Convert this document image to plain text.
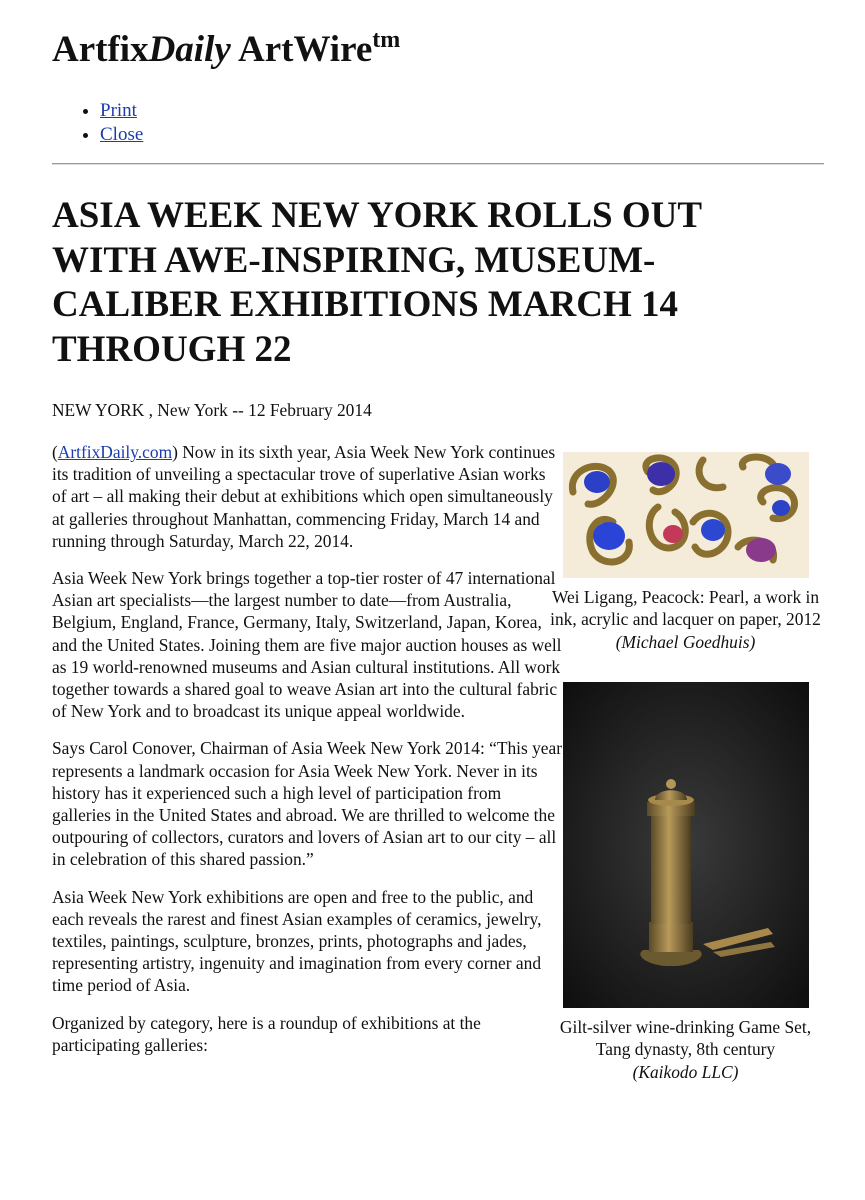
ArtfixDaily ArtWire$^{tm}$
• Print
• Close
ASIA WEEK NEW YORK ROLLS OUT WITH AWE-INSPIRING, MUSEUM-CALIBER EXHIBITIONS MARCH 14 THROUGH 22

NEW YORK , New York -- 12 February 2014

(ArtfixDaily.com) Now in its sixth year, Asia Week New York continues its tradition of unveiling a spectacular trove of superlative Asian works of art – all making their debut at exhibitions which open simultaneously at galleries throughout Manhattan, commencing Friday, March 14 and running through Saturday, March 22, 2014.

Asia Week New York brings together a top-tier roster of 47 international Asian art specialists—the largest number to date—from Australia, Belgium, England, France, Germany, Italy, Switzerland, Japan, Korea, and the United States. Joining them are five major auction houses as well as 19 world-renowned museums and Asian cultural institutions. All work together towards a shared goal to weave Asian art into the cultural fabric of New York and to broadcast its unique appeal worldwide.

Says Carol Conover, Chairman of Asia Week New York 2014: “This year represents a landmark occasion for Asia Week New York. Never in its history has it experienced such a high level of participation from galleries in the United States and abroad. We are thrilled to welcome the outpouring of collectors, curators and lovers of Asian art to our city – all in celebration of this shared passion.”

Asia Week New York exhibitions are open and free to the public, and each reveals the rarest and finest Asian examples of ceramics, jewelry, textiles, paintings, sculpture, bronzes, prints, photographs and jades, representing artistry, ingenuity and imagination from every corner and time period of Asia.

Organized by category, here is a roundup of exhibitions at the participating galleries:

Wei Ligang, Peacock: Pearl, a work in ink, acrylic and lacquer on paper, 2012
(Michael Goedhuis)
Gilt-silver wine-drinking Game Set, Tang dynasty, 8th century
(Kaikodo LLC)
